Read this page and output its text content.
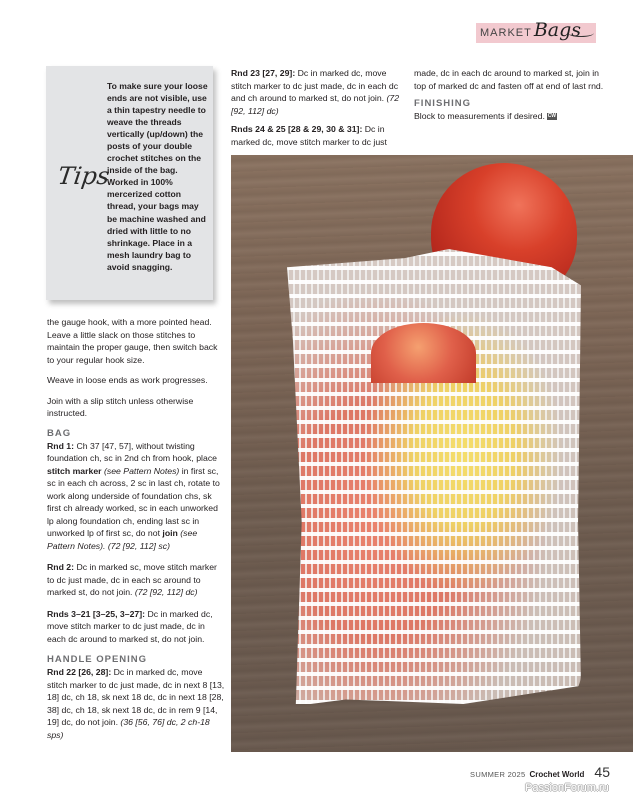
MARKET Bags
Tips
To make sure your loose ends are not visible, use a thin tapestry needle to weave the threads vertically (up/down) the posts of your double crochet stitches on the inside of the bag. Worked in 100% mercerized cotton thread, your bags may be machine washed and dried with little to no shrinkage. Place in a mesh laundry bag to avoid snagging.

Rnd 23 [27, 29]: Dc in marked dc, move stitch marker to dc just made, dc in each dc and ch around to marked st, do not join. (72 [92, 112] dc)

Rnds 24 & 25 [28 & 29, 30 & 31]: Dc in marked dc, move stitch marker to dc just

made, dc in each dc around to marked st, join in top of marked dc and fasten off at end of last rnd.

FINISHING

Block to measurements if desired. CW

the gauge hook, with a more pointed head. Leave a little slack on those stitches to maintain the proper gauge, then switch back to your regular hook size.

Weave in loose ends as work progresses.

Join with a slip stitch unless otherwise instructed.

BAG

Rnd 1: Ch 37 [47, 57], without twisting foundation ch, sc in 2nd ch from hook, place stitch marker (see Pattern Notes) in first sc, sc in each ch across, 2 sc in last ch, rotate to work along underside of foundation chs, sk first ch already worked, sc in each unworked lp along foundation ch, ending last sc in unworked lp of first sc, do not join (see Pattern Notes). (72 [92, 112] sc)

Rnd 2: Dc in marked sc, move stitch marker to dc just made, dc in each sc around to marked st, do not join. (72 [92, 112] dc)

Rnds 3–21 [3–25, 3–27]: Dc in marked dc, move stitch marker to dc just made, dc in each dc around to marked st, do not join.

HANDLE OPENING

Rnd 22 [26, 28]: Dc in marked dc, move stitch marker to dc just made, dc in next 8 [13, 18] dc, ch 18, sk next 18 dc, dc in next 18 [28, 38] dc, ch 18, sk next 18 dc, dc in rem 9 [14, 19] dc, do not join. (36 [56, 76] dc, 2 ch-18 sps)

SUMMER 2025 Crochet World 45
PassionForum.ru
